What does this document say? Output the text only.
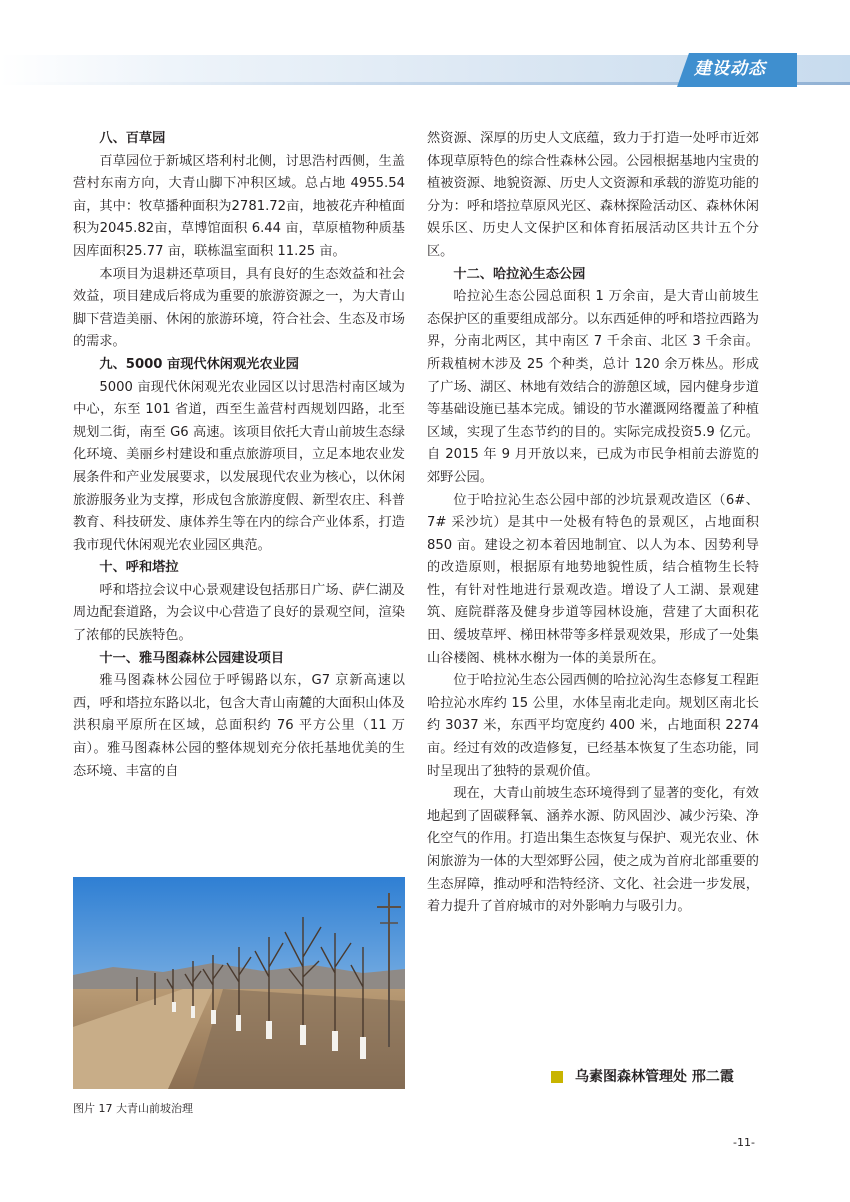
建设动态
八、百草园

百草园位于新城区塔利村北侧，讨思浩村西侧，生盖营村东南方向，大青山脚下冲积区域。总占地 4955.54 亩，其中：牧草播种面积为2781.72亩，地被花卉种植面积为2045.82亩，草博馆面积 6.44 亩，草原植物种质基因库面积25.77 亩，联栋温室面积 11.25 亩。

本项目为退耕还草项目，具有良好的生态效益和社会效益，项目建成后将成为重要的旅游资源之一，为大青山脚下营造美丽、休闲的旅游环境，符合社会、生态及市场的需求。

九、5000 亩现代休闲观光农业园

5000 亩现代休闲观光农业园区以讨思浩村南区域为中心，东至 101 省道，西至生盖营村西规划四路，北至规划二街，南至 G6 高速。该项目依托大青山前坡生态绿化环境、美丽乡村建设和重点旅游项目，立足本地农业发展条件和产业发展要求，以发展现代农业为核心，以休闲旅游服务业为支撑，形成包含旅游度假、新型农庄、科普教育、科技研发、康体养生等在内的综合产业体系，打造我市现代休闲观光农业园区典范。

十、呼和塔拉

呼和塔拉会议中心景观建设包括那日广场、萨仁湖及周边配套道路，为会议中心营造了良好的景观空间，渲染了浓郁的民族特色。

十一、雅马图森林公园建设项目

雅马图森林公园位于呼锡路以东，G7 京新高速以西，呼和塔拉东路以北，包含大青山南麓的大面积山体及洪积扇平原所在区域，总面积约 76 平方公里（11 万亩）。雅马图森林公园的整体规划充分依托基地优美的生态环境、丰富的自

然资源、深厚的历史人文底蕴，致力于打造一处呼市近郊体现草原特色的综合性森林公园。公园根据基地内宝贵的植被资源、地貌资源、历史人文资源和承载的游览功能的分为：呼和塔拉草原风光区、森林探险活动区、森林休闲娱乐区、历史人文保护区和体育拓展活动区共计五个分区。

十二、哈拉沁生态公园

哈拉沁生态公园总面积 1 万余亩，是大青山前坡生态保护区的重要组成部分。以东西延伸的呼和塔拉西路为界，分南北两区，其中南区 7 千余亩、北区 3 千余亩。所栽植树木涉及 25 个种类，总计 120 余万株丛。形成了广场、湖区、林地有效结合的游憩区域，园内健身步道等基础设施已基本完成。铺设的节水灌溉网络覆盖了种植区域，实现了生态节约的目的。实际完成投资5.9 亿元。自 2015 年 9 月开放以来，已成为市民争相前去游览的郊野公园。

位于哈拉沁生态公园中部的沙坑景观改造区（6#、7# 采沙坑）是其中一处极有特色的景观区，占地面积 850 亩。建设之初本着因地制宜、以人为本、因势利导的改造原则，根据原有地势地貌性质，结合植物生长特性，有针对性地进行景观改造。增设了人工湖、景观建筑、庭院群落及健身步道等园林设施，营建了大面积花田、缓坡草坪、梯田林带等多样景观效果，形成了一处集山谷楼阁、桃林水榭为一体的美景所在。

位于哈拉沁生态公园西侧的哈拉沁沟生态修复工程距哈拉沁水库约 15 公里，水体呈南北走向。规划区南北长约 3037 米，东西平均宽度约 400 米，占地面积 2274 亩。经过有效的改造修复，已经基本恢复了生态功能，同时呈现出了独特的景观价值。

现在，大青山前坡生态环境得到了显著的变化，有效地起到了固碳释氧、涵养水源、防风固沙、减少污染、净化空气的作用。打造出集生态恢复与保护、观光农业、休闲旅游为一体的大型郊野公园，使之成为首府北部重要的生态屏障，推动呼和浩特经济、文化、社会进一步发展，着力提升了首府城市的对外影响力与吸引力。

图片 17 大青山前坡治理
乌素图森林管理处 邢二霞
-11-
